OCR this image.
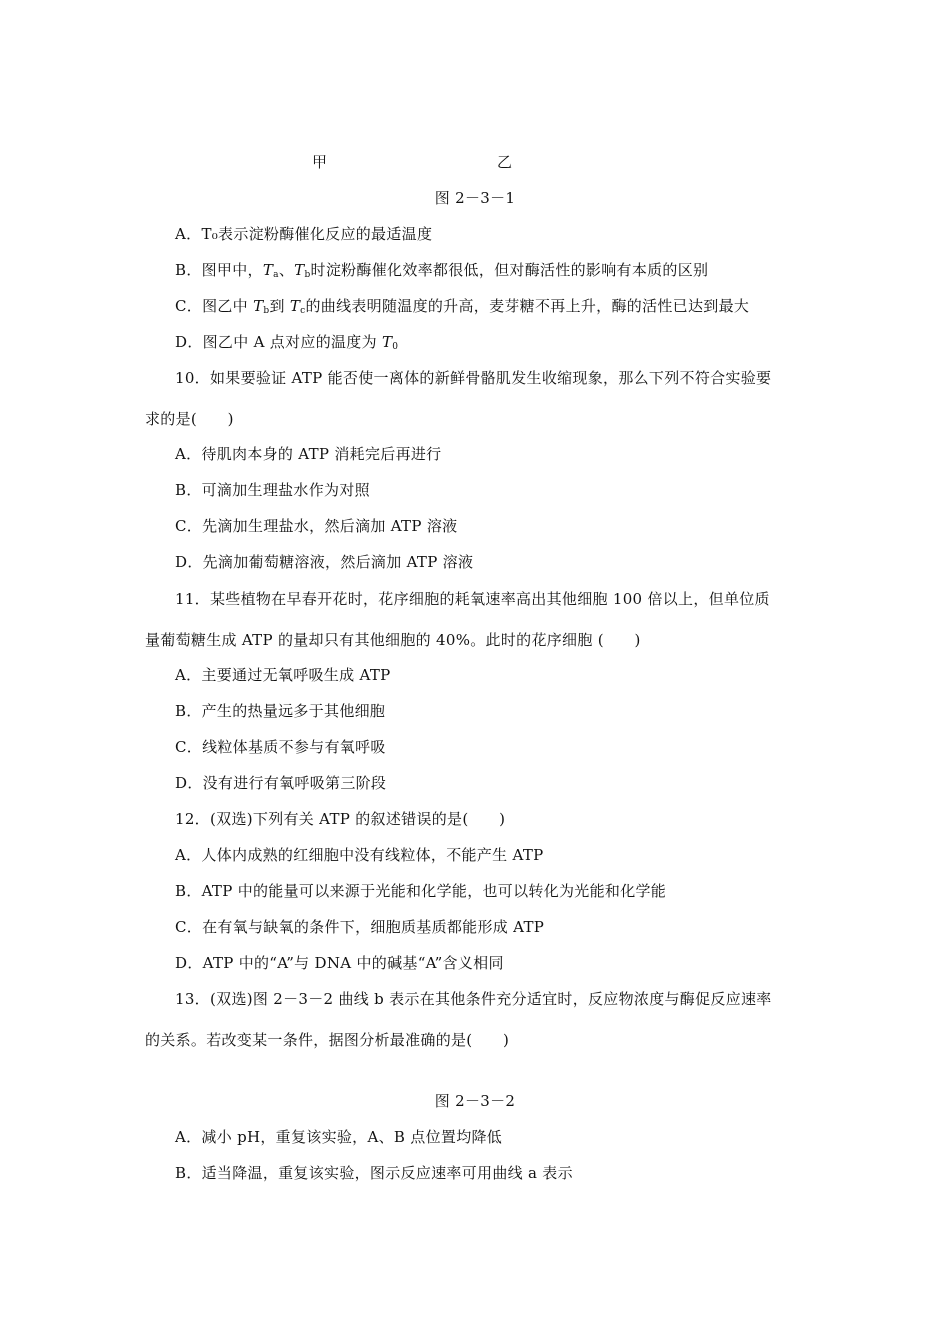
甲	乙
图 2－3－1
A．T₀表示淀粉酶催化反应的最适温度
B．图甲中，$T_a$、$T_b$时淀粉酶催化效率都很低，但对酶活性的影响有本质的区别
C．图乙中 $T_b$到 $T_c$的曲线表明随温度的升高，麦芽糖不再上升，酶的活性已达到最大
D．图乙中 A 点对应的温度为 $T_0$
10．如果要验证 ATP 能否使一离体的新鲜骨骼肌发生收缩现象，那么下列不符合实验要
求的是(　　)
A．待肌肉本身的 ATP 消耗完后再进行
B．可滴加生理盐水作为对照
C．先滴加生理盐水，然后滴加 ATP 溶液
D．先滴加葡萄糖溶液，然后滴加 ATP 溶液
11．某些植物在早春开花时，花序细胞的耗氧速率高出其他细胞 100 倍以上，但单位质
量葡萄糖生成 ATP 的量却只有其他细胞的 40%。此时的花序细胞 (　　)
A．主要通过无氧呼吸生成 ATP
B．产生的热量远多于其他细胞
C．线粒体基质不参与有氧呼吸
D．没有进行有氧呼吸第三阶段
12．(双选)下列有关 ATP 的叙述错误的是(　　)
A．人体内成熟的红细胞中没有线粒体，不能产生 ATP
B．ATP 中的能量可以来源于光能和化学能，也可以转化为光能和化学能
C．在有氧与缺氧的条件下，细胞质基质都能形成 ATP
D．ATP 中的“A”与 DNA 中的碱基“A”含义相同
13．(双选)图 2－3－2 曲线 b 表示在其他条件充分适宜时，反应物浓度与酶促反应速率
的关系。若改变某一条件，据图分析最准确的是(　　)
图 2－3－2
A．减小 pH，重复该实验，A、B 点位置均降低
B．适当降温，重复该实验，图示反应速率可用曲线 a 表示
